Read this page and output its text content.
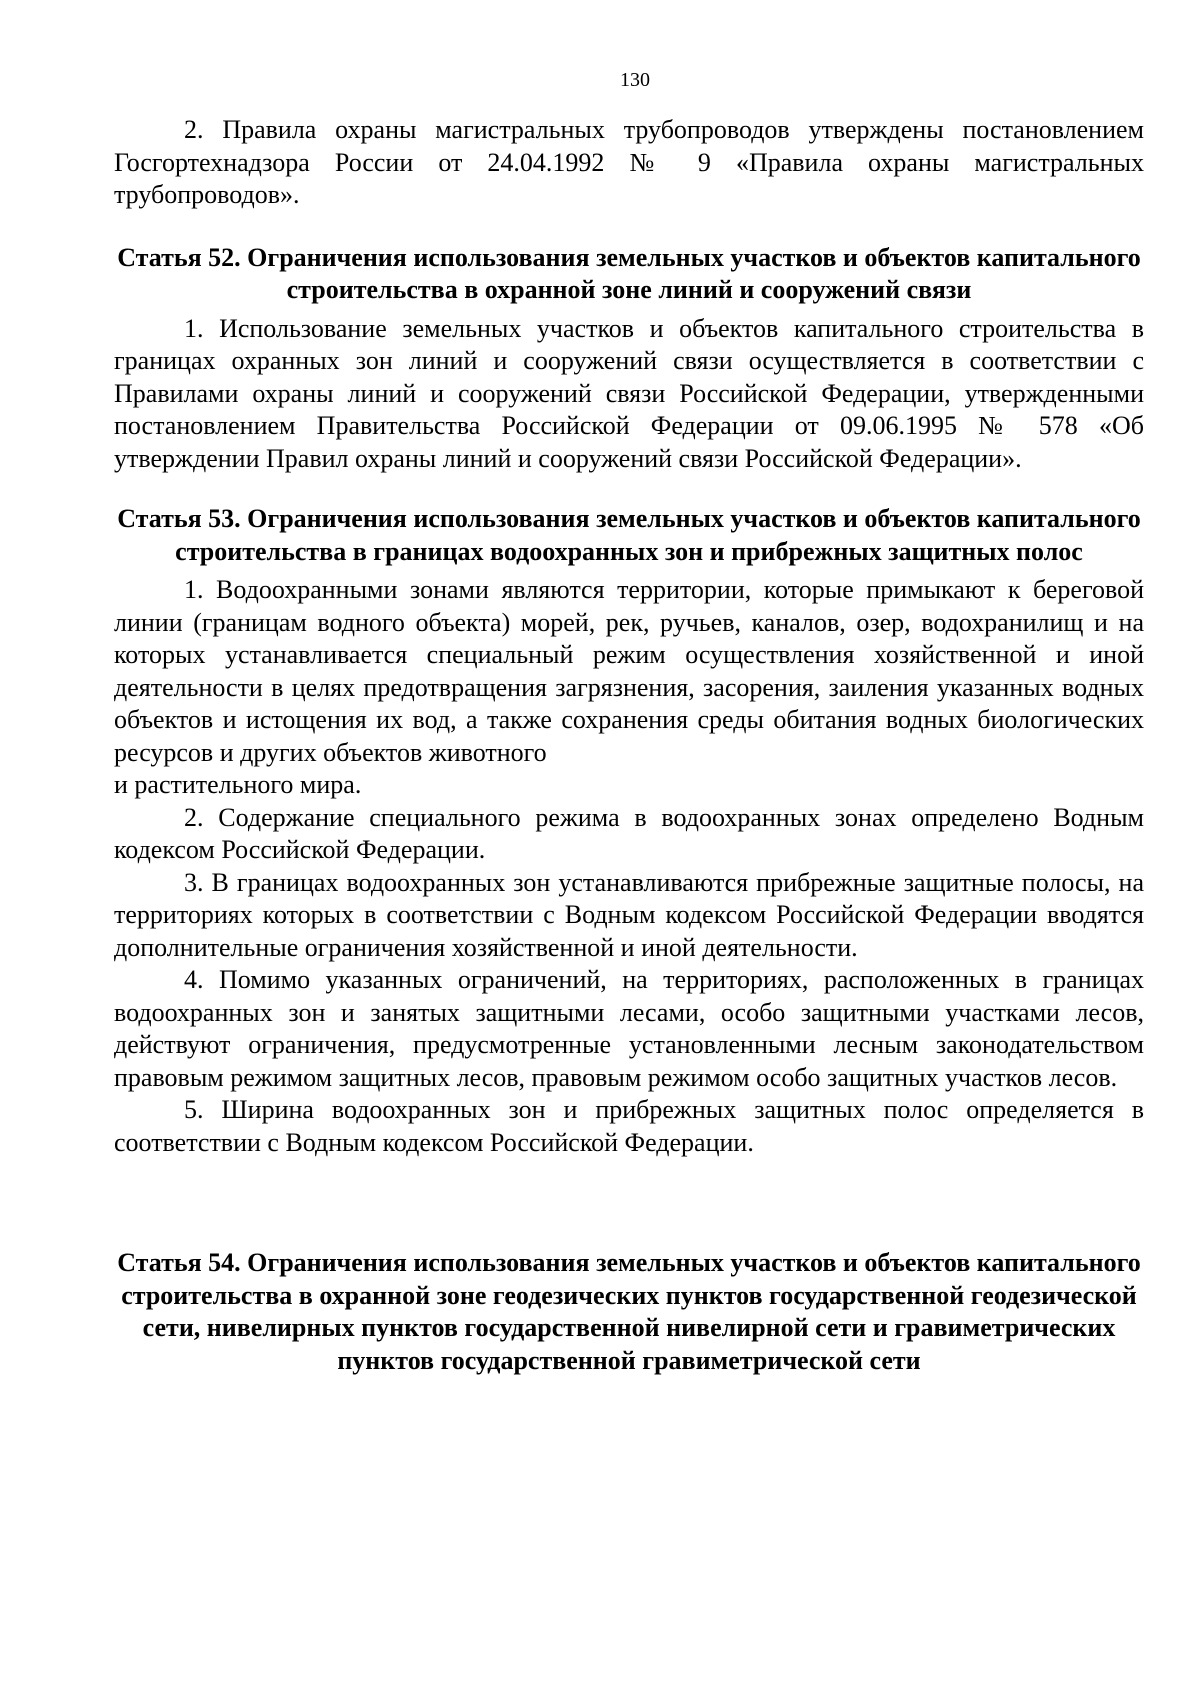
130

2. Правила охраны магистральных трубопроводов утверждены постановлением Госгортехнадзора России от 24.04.1992 № 9 «Правила охраны магистральных трубопроводов».

Статья 52. Ограничения использования земельных участков и объектов капитального строительства в охранной зоне линий и сооружений связи

1. Использование земельных участков и объектов капитального строительства в границах охранных зон линий и сооружений связи осуществляется в соответствии с Правилами охраны линий и сооружений связи Российской Федерации, утвержденными постановлением Правительства Российской Федерации от 09.06.1995 № 578 «Об утверждении Правил охраны линий и сооружений связи Российской Федерации».

Статья 53. Ограничения использования земельных участков и объектов капитального строительства в границах водоохранных зон и прибрежных защитных полос

1. Водоохранными зонами являются территории, которые примыкают к береговой линии (границам водного объекта) морей, рек, ручьев, каналов, озер, водохранилищ и на которых устанавливается специальный режим осуществления хозяйственной и иной деятельности в целях предотвращения загрязнения, засорения, заиления указанных водных объектов и истощения их вод, а также сохранения среды обитания водных биологических ресурсов и других объектов животного

и растительного мира.

2. Содержание специального режима в водоохранных зонах определено Водным кодексом Российской Федерации.

3. В границах водоохранных зон устанавливаются прибрежные защитные полосы, на территориях которых в соответствии с Водным кодексом Российской Федерации вводятся дополнительные ограничения хозяйственной и иной деятельности.

4. Помимо указанных ограничений, на территориях, расположенных в границах водоохранных зон и занятых защитными лесами, особо защитными участками лесов, действуют ограничения, предусмотренные установленными лесным законодательством правовым режимом защитных лесов, правовым режимом особо защитных участков лесов.

5. Ширина водоохранных зон и прибрежных защитных полос определяется в соответствии с Водным кодексом Российской Федерации.

Статья 54. Ограничения использования земельных участков и объектов капитального строительства в охранной зоне геодезических пунктов государственной геодезической сети, нивелирных пунктов государственной нивелирной сети и гравиметрических пунктов государственной гравиметрической сети
